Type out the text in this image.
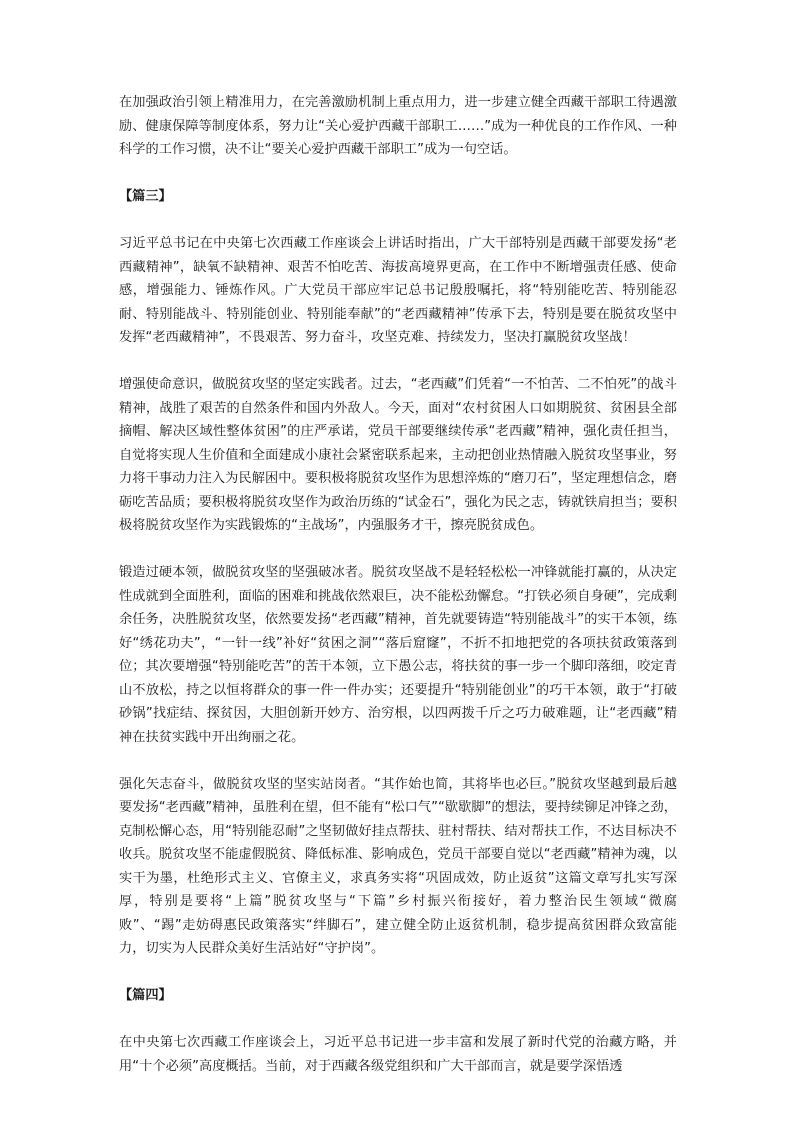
在加强政治引领上精准用力，在完善激励机制上重点用力，进一步建立健全西藏干部职工待遇激励、健康保障等制度体系，努力让“关心爱护西藏干部职工……”成为一种优良的工作作风、一种科学的工作习惯，决不让“要关心爱护西藏干部职工”成为一句空话。

【篇三】

习近平总书记在中央第七次西藏工作座谈会上讲话时指出，广大干部特别是西藏干部要发扬“老西藏精神”，缺氧不缺精神、艰苦不怕吃苦、海拔高境界更高，在工作中不断增强责任感、使命感，增强能力、锤炼作风。广大党员干部应牢记总书记殷殷嘱托，将“特别能吃苦、特别能忍耐、特别能战斗、特别能创业、特别能奉献”的“老西藏精神”传承下去，特别是要在脱贫攻坚中发挥“老西藏精神”，不畏艰苦、努力奋斗，攻坚克难、持续发力，坚决打赢脱贫攻坚战！

增强使命意识，做脱贫攻坚的坚定实践者。过去，“老西藏”们凭着“一不怕苦、二不怕死”的战斗精神，战胜了艰苦的自然条件和国内外敌人。今天，面对“农村贫困人口如期脱贫、贫困县全部摘帽、解决区域性整体贫困”的庄严承诺，党员干部要继续传承“老西藏”精神，强化责任担当，自觉将实现人生价值和全面建成小康社会紧密联系起来，主动把创业热情融入脱贫攻坚事业，努力将干事动力注入为民解困中。要积极将脱贫攻坚作为思想淬炼的“磨刀石”，坚定理想信念，磨砺吃苦品质；要积极将脱贫攻坚作为政治历练的“试金石”，强化为民之志，铸就铁肩担当；要积极将脱贫攻坚作为实践锻炼的“主战场”，内强服务才干，擦亮脱贫成色。

锻造过硬本领，做脱贫攻坚的坚强破冰者。脱贫攻坚战不是轻轻松松一冲锋就能打赢的，从决定性成就到全面胜利，面临的困难和挑战依然艰巨，决不能松劲懈怠。“打铁必须自身硬”，完成剩余任务，决胜脱贫攻坚，依然要发扬“老西藏”精神，首先就要铸造“特别能战斗”的实干本领，练好“绣花功夫”，“一针一线”补好“贫困之洞”“落后窟窿”，不折不扣地把党的各项扶贫政策落到位；其次要增强“特别能吃苦”的苦干本领，立下愚公志，将扶贫的事一步一个脚印落细，咬定青山不放松，持之以恒将群众的事一件一件办实；还要提升“特别能创业”的巧干本领，敢于“打破砂锅”找症结、探贫因，大胆创新开妙方、治穷根，以四两拨千斤之巧力破难题，让“老西藏”精神在扶贫实践中开出绚丽之花。

强化矢志奋斗，做脱贫攻坚的坚实站岗者。“其作始也简，其将毕也必巨。”脱贫攻坚越到最后越要发扬“老西藏”精神，虽胜利在望，但不能有“松口气”“歇歇脚”的想法，要持续铆足冲锋之劲，克制松懈心态，用“特别能忍耐”之坚韧做好挂点帮扶、驻村帮扶、结对帮扶工作，不达目标决不收兵。脱贫攻坚不能虚假脱贫、降低标准、影响成色，党员干部要自觉以“老西藏”精神为魂，以实干为墨，杜绝形式主义、官僚主义，求真务实将“巩固成效，防止返贫”这篇文章写扎实写深厚，特别是要将“上篇”脱贫攻坚与“下篇”乡村振兴衔接好，着力整治民生领域“微腐败”、“踢”走妨碍惠民政策落实“绊脚石”，建立健全防止返贫机制，稳步提高贫困群众致富能力，切实为人民群众美好生活站好“守护岗”。

【篇四】

在中央第七次西藏工作座谈会上，习近平总书记进一步丰富和发展了新时代党的治藏方略，并用“十个必须”高度概括。当前，对于西藏各级党组织和广大干部而言，就是要学深悟透
